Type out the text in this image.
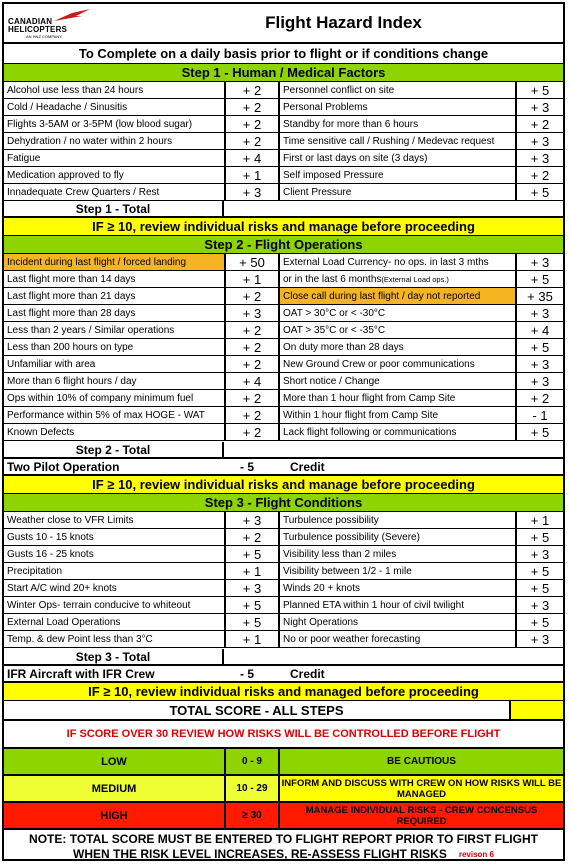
CANADIAN
HELICOPTERS
AN HNZ COMPANY
Flight Hazard Index
To Complete on a daily basis prior to flight or if conditions change
Step 1 - Human / Medical Factors
Alcohol use less than 24 hours	+ 2 Personnel conflict on site	+ 5
Cold / Headache / Sinusitis	+ 2 Personal Problems	+ 3
Flights 3-5AM or 3-5PM (low blood sugar)	+ 2 Standby for more than 6 hours	+ 2
Dehydration / no water within 2 hours	+ 2 Time sensitive call / Rushing / Medevac request	+ 3
Fatigue	+ 4 First or last days on site (3 days)	+ 3
Medication approved to fly	+ 1 Self imposed Pressure	+ 2
Innadequate Crew Quarters / Rest	+ 3 Client Pressure	+ 5
Step 1 - Total
IF ≥ 10, review individual risks and manage before proceeding
Step 2 - Flight Operations
Incident during last flight / forced landing	+ 50 External Load Currency- no ops. in last 3 mths	+ 3
Last flight more than 14 days	+ 1 or in the last 6 months (External Load ops.)	+ 5
Last flight more than 21 days	+ 2 Close call during last flight / day not reported	+ 35
Last flight more than 28 days	+ 3 OAT > 30°C or < -30°C	+ 3
Less than 2 years / Similar operations	+ 2 OAT > 35°C or < -35°C	+ 4
Less than 200 hours on type	+ 2 On duty more than 28 days	+ 5
Unfamiliar with area	+ 2 New Ground Crew or poor communications	+ 3
More than 6 flight hours / day	+ 4 Short notice / Change	+ 3
Ops within 10% of company minimum fuel	+ 2 More than 1 hour flight from Camp Site	+ 2
Performance within 5% of max HOGE - WAT	+ 2 Within 1 hour flight from Camp Site	- 1
Known Defects	+ 2 Lack flight following or communications	+ 5
Step 2 - Total
Two Pilot Operation	- 5	Credit
IF ≥ 10, review individual risks and manage before proceeding
Step 3 - Flight Conditions
Weather close to VFR Limits	+ 3 Turbulence possibility	+ 1
Gusts 10 - 15 knots	+ 2 Turbulence possibility (Severe)	+ 5
Gusts 16 - 25 knots	+ 5 Visibility less than 2 miles	+ 3
Precipitation	+ 1 Visibility between 1/2 - 1 mile	+ 5
Start A/C wind 20+ knots	+ 3 Winds 20 + knots	+ 5
Winter Ops- terrain conducive to whiteout	+ 5 Planned ETA within 1 hour of civil twilight	+ 3
External Load Operations	+ 5 Night Operations	+ 5
Temp. & dew Point less than 3°C	+ 1 No or poor weather forecasting	+ 3
Step 3 - Total
IFR Aircraft with IFR Crew	- 5	Credit
IF ≥ 10, review individual risks and managed before proceeding
TOTAL SCORE - ALL STEPS
IF SCORE OVER 30 REVIEW HOW RISKS WILL BE CONTROLLED BEFORE FLIGHT
LOW	0 - 9	BE CAUTIOUS
MEDIUM	10 - 29	INFORM AND DISCUSS WITH CREW ON HOW RISKS WILL BE MANAGED
HIGH	≥ 30	MANAGE INDIVIDUAL RISKS - CREW CONCENSUS REQUIRED
NOTE: TOTAL SCORE MUST BE ENTERED TO FLIGHT REPORT PRIOR TO FIRST FLIGHT
WHEN THE RISK LEVEL INCREASES, RE-ASSESS FLIGHT RISKS revison 6
